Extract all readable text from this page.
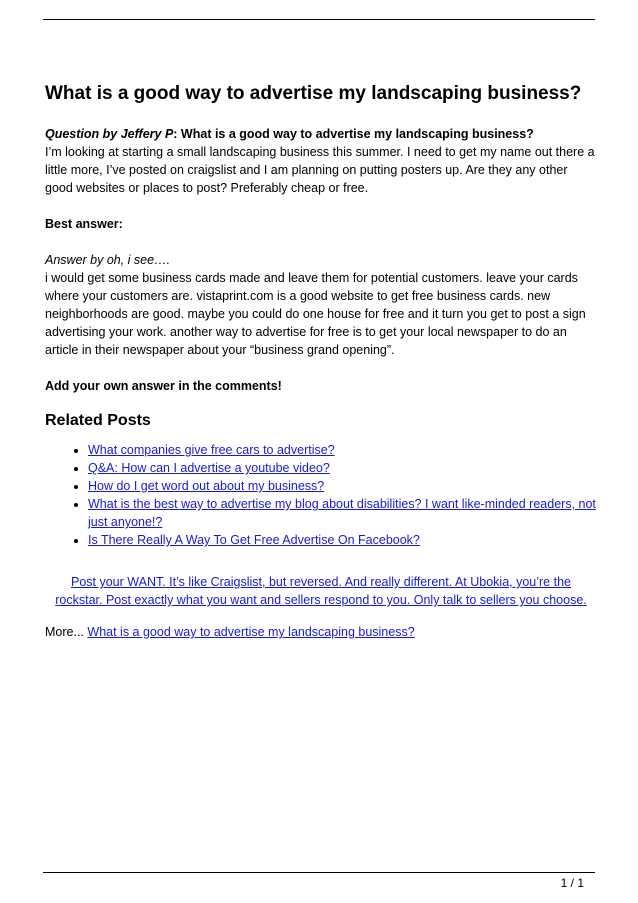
What is a good way to advertise my landscaping business?

Question by Jeffery P: What is a good way to advertise my landscaping business?

I’m looking at starting a small landscaping business this summer. I need to get my name out there a little more, I’ve posted on craigslist and I am planning on putting posters up. Are they any other good websites or places to post? Preferably cheap or free.

Best answer:

Answer by oh, i see….

i would get some business cards made and leave them for potential customers. leave your cards where your customers are. vistaprint.com is a good website to get free business cards. new neighborhoods are good. maybe you could do one house for free and it turn you get to post a sign advertising your work. another way to advertise for free is to get your local newspaper to do an article in their newspaper about your “business grand opening”.

Add your own answer in the comments!

Related Posts
• What companies give free cars to advertise?
• Q&A: How can I advertise a youtube video?
• How do I get word out about my business?
• What is the best way to advertise my blog about disabilities? I want like-minded readers, not just anyone!?
• Is There Really A Way To Get Free Advertise On Facebook?

Post your WANT. It’s like Craigslist, but reversed. And really different. At Ubokia, you’re the rockstar. Post exactly what you want and sellers respond to you. Only talk to sellers you choose.

More... What is a good way to advertise my landscaping business?

1 / 1
